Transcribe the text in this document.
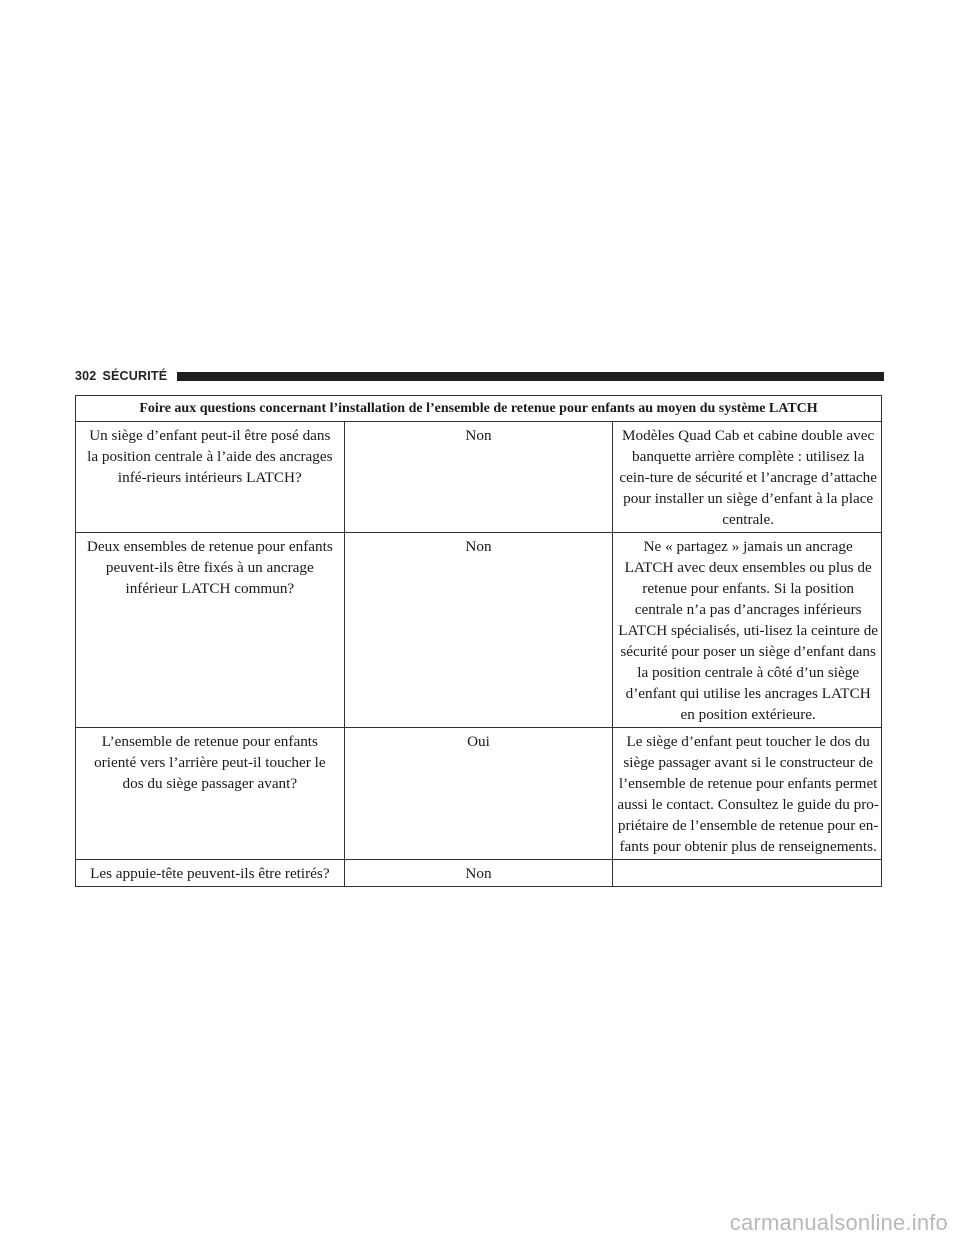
302 SÉCURITÉ
Foire aux questions concernant l’installation de l’ensemble de retenue pour enfants au moyen du système LATCH		
Un siège d’enfant peut-il être posé dans la position centrale à l’aide des ancrages infé-rieurs intérieurs LATCH?	Non	Modèles Quad Cab et cabine double avec banquette arrière complète : utilisez la cein-ture de sécurité et l’ancrage d’attache pour installer un siège d’enfant à la place centrale.
Deux ensembles de retenue pour enfants peuvent-ils être fixés à un ancrage inférieur LATCH commun?	Non	Ne « partagez » jamais un ancrage LATCH avec deux ensembles ou plus de retenue pour enfants. Si la position centrale n’a pas d’ancrages inférieurs LATCH spécialisés, uti-lisez la ceinture de sécurité pour poser un siège d’enfant dans la position centrale à côté d’un siège d’enfant qui utilise les ancrages LATCH en position extérieure.
L’ensemble de retenue pour enfants orienté vers l’arrière peut-il toucher le dos du siège passager avant?	Oui	Le siège d’enfant peut toucher le dos du siège passager avant si le constructeur de l’ensemble de retenue pour enfants permet aussi le contact. Consultez le guide du pro-priétaire de l’ensemble de retenue pour en-fants pour obtenir plus de renseignements.
Les appuie-tête peuvent-ils être retirés?	Non	
carmanualsonline.info
